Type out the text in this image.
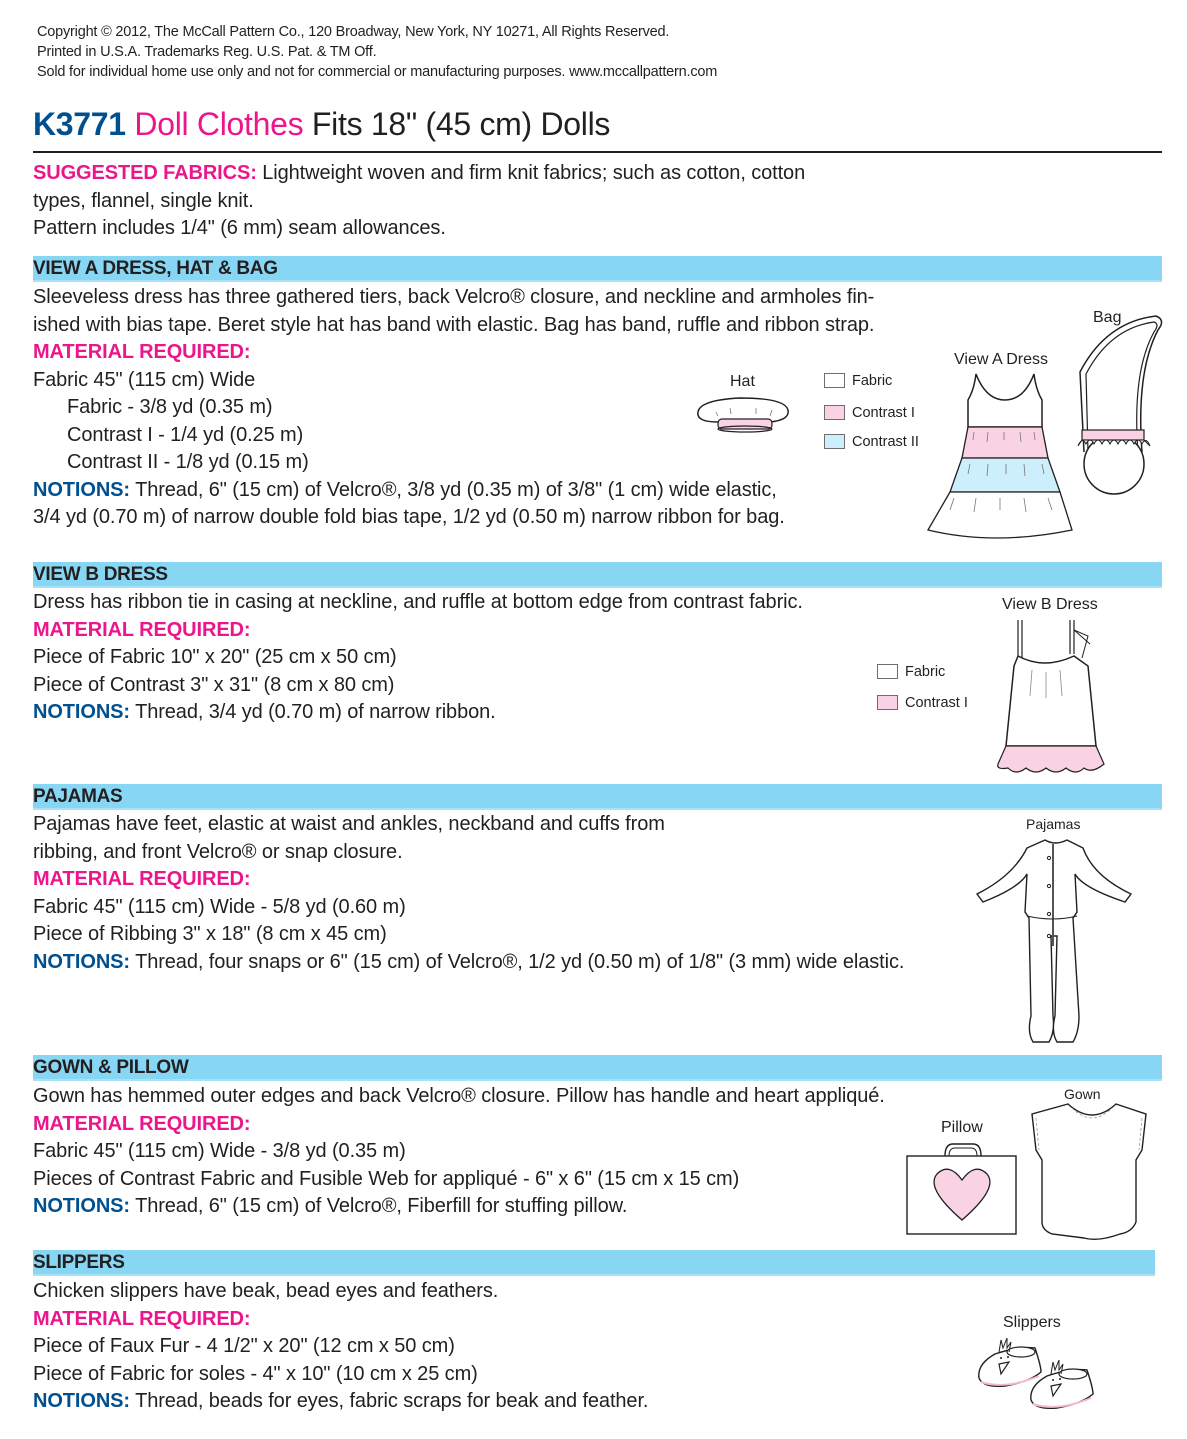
Copyright © 2012, The McCall Pattern Co., 120 Broadway, New York, NY 10271, All Rights Reserved.
Printed in U.S.A. Trademarks Reg. U.S. Pat. & TM Off.
Sold for individual home use only and not for commercial or manufacturing purposes. www.mccallpattern.com
K3771 Doll Clothes Fits 18" (45 cm) Dolls
SUGGESTED FABRICS: Lightweight woven and firm knit fabrics; such as cotton, cotton
types, flannel, single knit.
Pattern includes 1/4" (6 mm) seam allowances.
VIEW A DRESS, HAT & BAG
Sleeveless dress has three gathered tiers, back Velcro® closure, and neckline and armholes fin-
ished with bias tape. Beret style hat has band with elastic. Bag has band, ruffle and ribbon strap.
MATERIAL REQUIRED:
Fabric 45" (115 cm) Wide
Fabric - 3/8 yd (0.35 m)
Contrast I - 1/4 yd (0.25 m)
Contrast II - 1/8 yd (0.15 m)
NOTIONS: Thread, 6" (15 cm) of Velcro®, 3/8 yd (0.35 m) of 3/8" (1 cm) wide elastic,
3/4 yd (0.70 m) of narrow double fold bias tape, 1/2 yd (0.50 m) narrow ribbon for bag.
Hat	Fabric
Contrast I
Contrast II
View A Dress
Bag
VIEW B DRESS
Dress has ribbon tie in casing at neckline, and ruffle at bottom edge from contrast fabric.
MATERIAL REQUIRED:
Piece of Fabric 10" x 20" (25 cm x 50 cm)
Piece of Contrast 3" x 31" (8 cm x 80 cm)
NOTIONS: Thread, 3/4 yd (0.70 m) of narrow ribbon.
Fabric
Contrast I
View B Dress
PAJAMAS
Pajamas have feet, elastic at waist and ankles, neckband and cuffs from
ribbing, and front Velcro® or snap closure.
MATERIAL REQUIRED:
Fabric 45" (115 cm) Wide - 5/8 yd (0.60 m)
Piece of Ribbing 3" x 18" (8 cm x 45 cm)
NOTIONS: Thread, four snaps or 6" (15 cm) of Velcro®, 1/2 yd (0.50 m) of 1/8" (3 mm) wide elastic.
Pajamas
GOWN & PILLOW
Gown has hemmed outer edges and back Velcro® closure. Pillow has handle and heart appliqué.
MATERIAL REQUIRED:
Fabric 45" (115 cm) Wide - 3/8 yd (0.35 m)
Pieces of Contrast Fabric and Fusible Web for appliqué - 6" x 6" (15 cm x 15 cm)
NOTIONS: Thread, 6" (15 cm) of Velcro®, Fiberfill for stuffing pillow.
Pillow
Gown
SLIPPERS
Chicken slippers have beak, bead eyes and feathers.
MATERIAL REQUIRED:
Piece of Faux Fur - 4 1/2" x 20" (12 cm x 50 cm)
Piece of Fabric for soles - 4" x 10" (10 cm x 25 cm)
NOTIONS: Thread, beads for eyes, fabric scraps for beak and feather.
Slippers
